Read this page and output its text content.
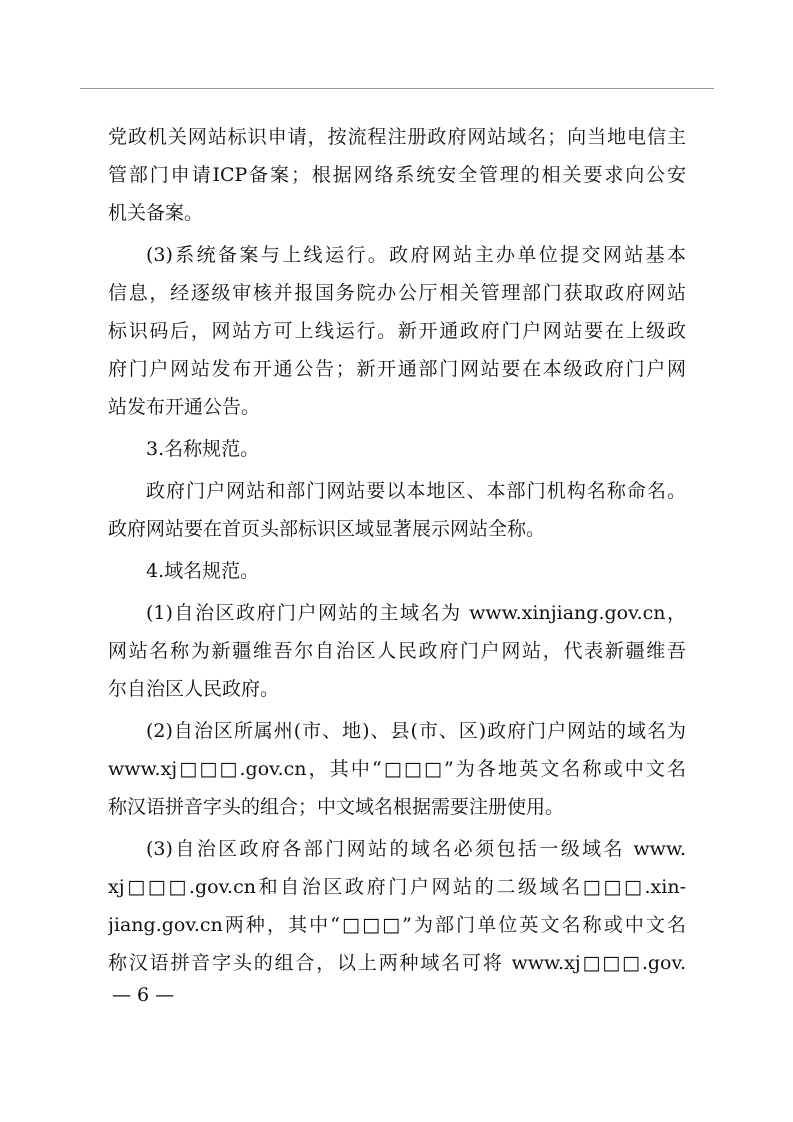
党政机关网站标识申请，按流程注册政府网站域名；向当地电信主
管部门申请ICP备案；根据网络系统安全管理的相关要求向公安
机关备案。
(3)系统备案与上线运行。政府网站主办单位提交网站基本
信息，经逐级审核并报国务院办公厅相关管理部门获取政府网站
标识码后，网站方可上线运行。新开通政府门户网站要在上级政
府门户网站发布开通公告；新开通部门网站要在本级政府门户网
站发布开通公告。
3.名称规范。
政府门户网站和部门网站要以本地区、本部门机构名称命名。
政府网站要在首页头部标识区域显著展示网站全称。
4.域名规范。
(1)自治区政府门户网站的主域名为 www.xinjiang.gov.cn，
网站名称为新疆维吾尔自治区人民政府门户网站，代表新疆维吾
尔自治区人民政府。
(2)自治区所属州(市、地)、县(市、区)政府门户网站的域名为
www.xj□□□.gov.cn，其中“□□□”为各地英文名称或中文名
称汉语拼音字头的组合；中文域名根据需要注册使用。
(3)自治区政府各部门网站的域名必须包括一级域名 www.
xj□□□.gov.cn和自治区政府门户网站的二级域名□□□.xin-
jiang.gov.cn两种，其中“□□□”为部门单位英文名称或中文名
称汉语拼音字头的组合，以上两种域名可将 www.xj□□□.gov.
— 6 —
